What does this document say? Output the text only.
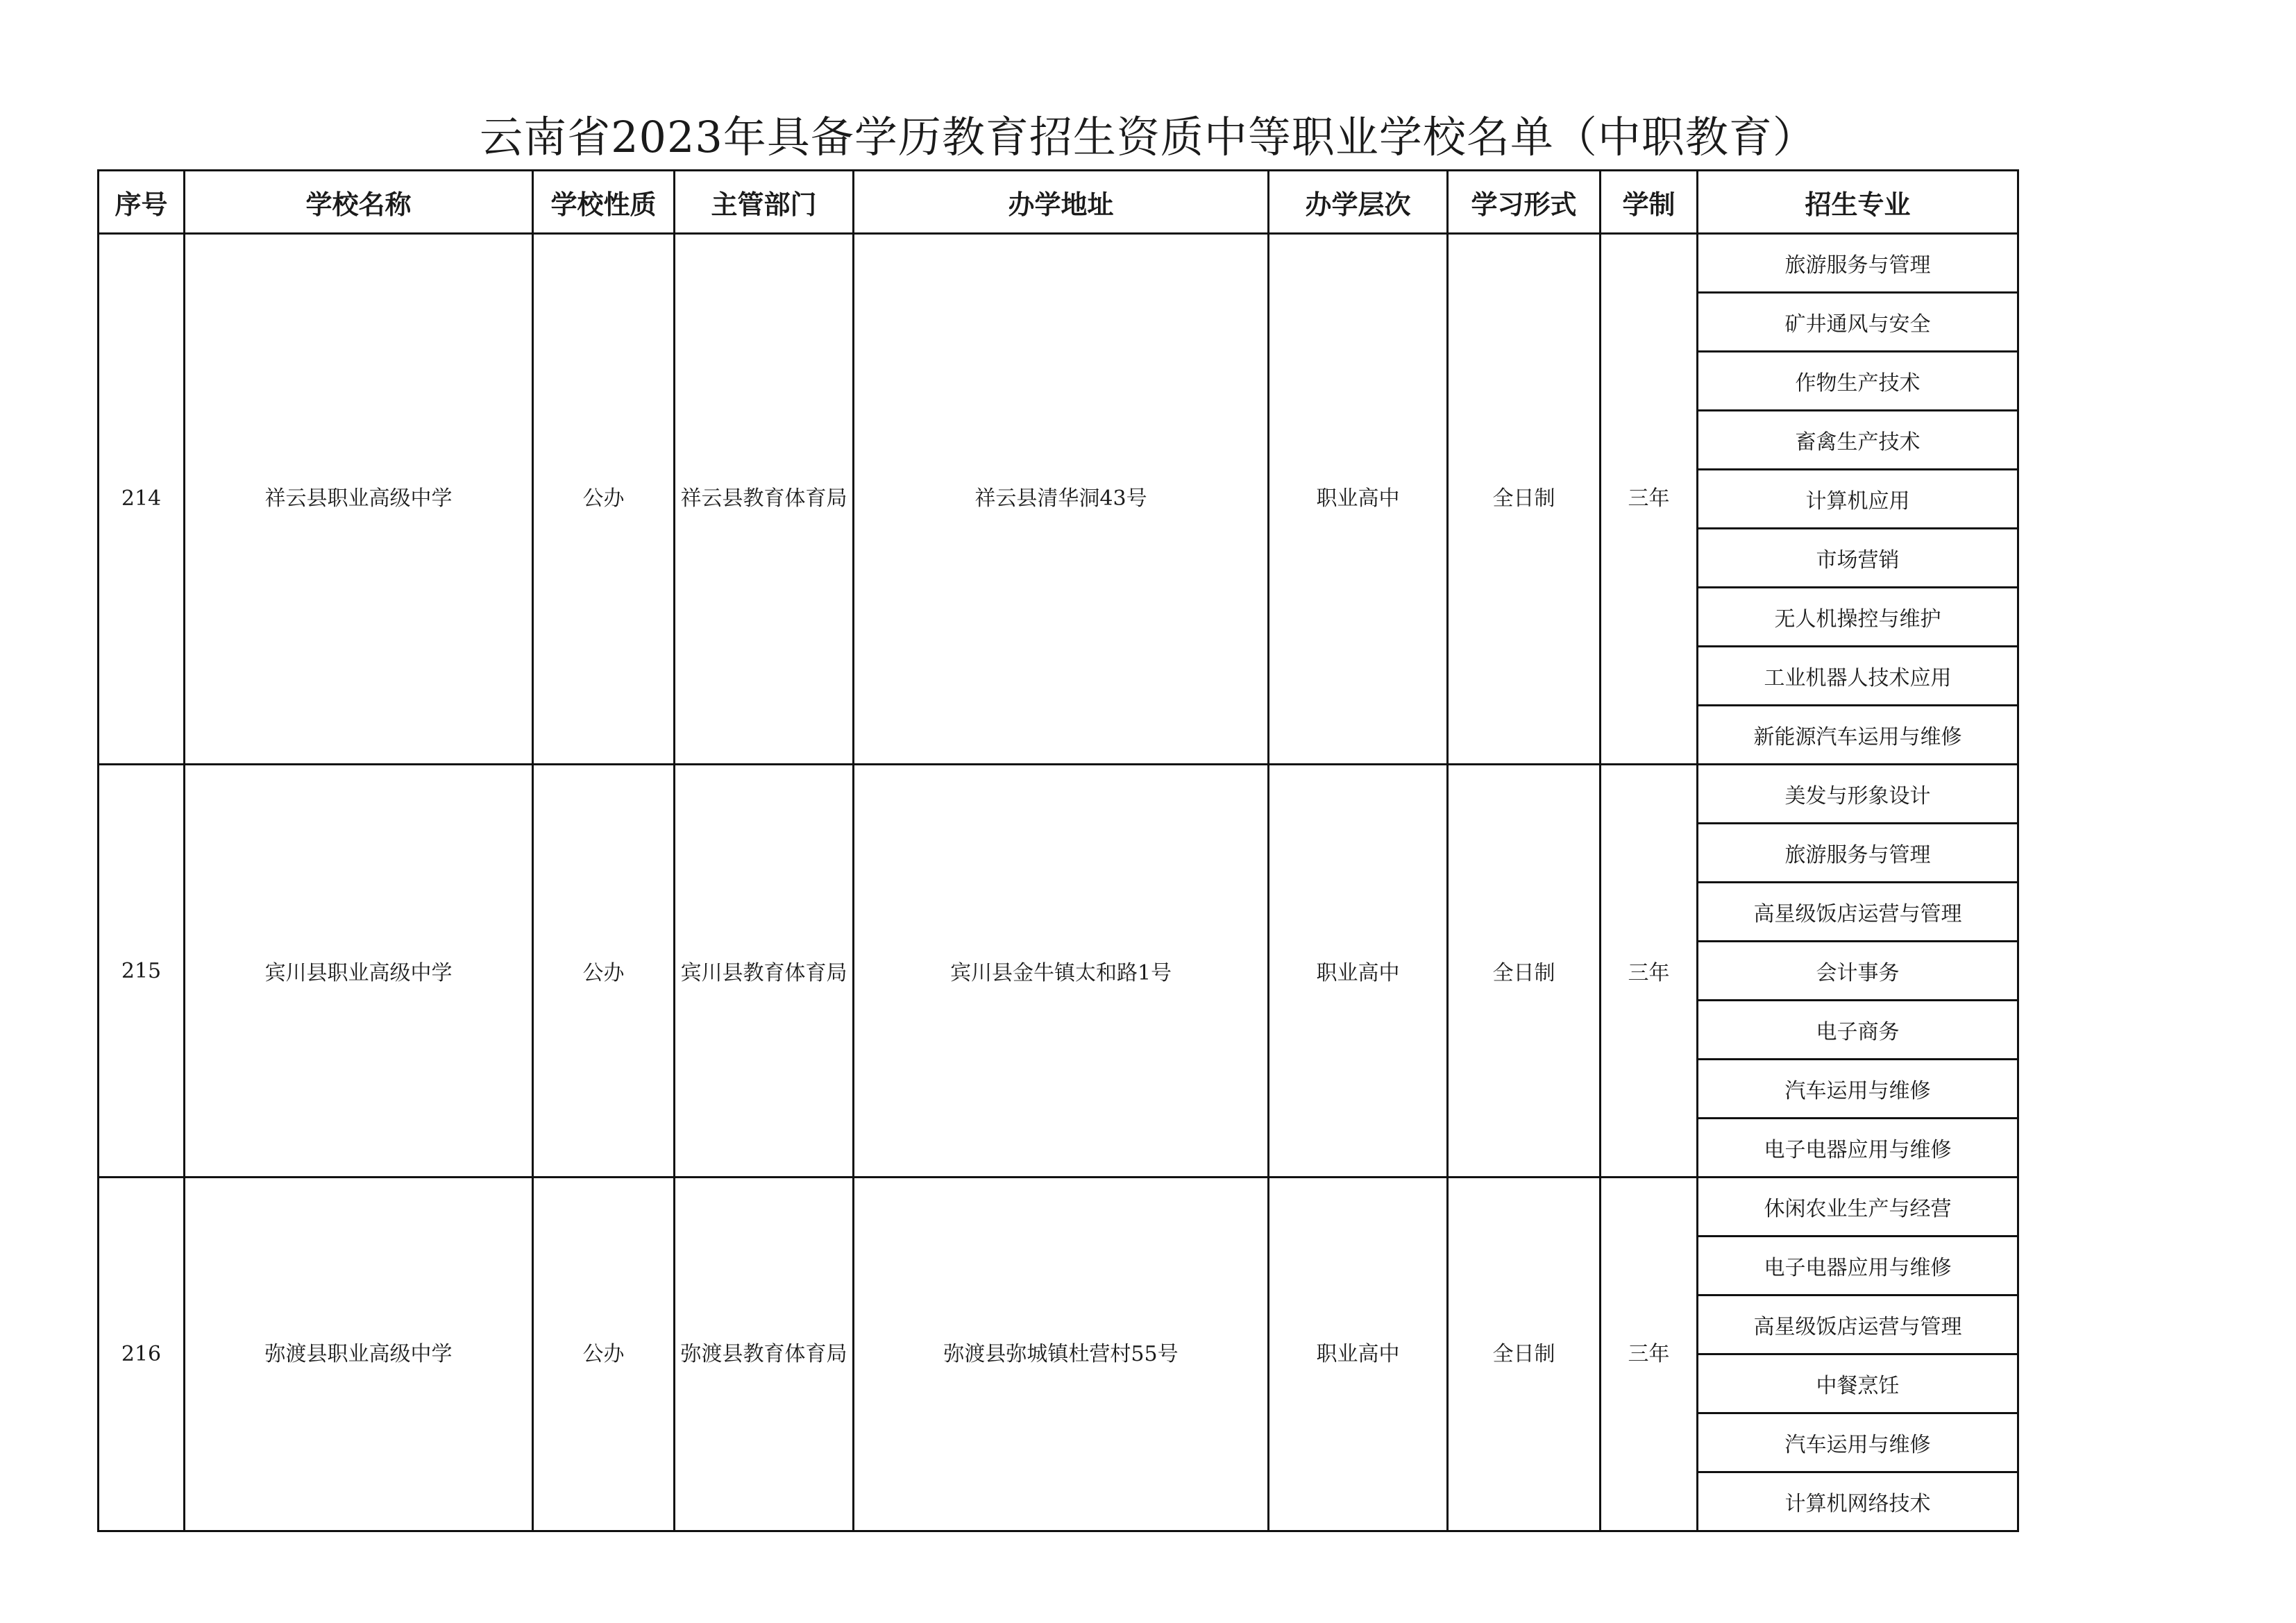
云南省2023年具备学历教育招生资质中等职业学校名单（中职教育）
序号	学校名称	学校性质	主管部门	办学地址	办学层次	学习形式	学制	招生专业

214	祥云县职业高级中学	公办	祥云县教育体育局	祥云县清华洞43号	职业高中	全日制	三年	旅游服务与管理
								矿井通风与安全
								作物生产技术
								畜禽生产技术
								计算机应用
								市场营销
								无人机操控与维护
								工业机器人技术应用
								新能源汽车运用与维修
215	宾川县职业高级中学	公办	宾川县教育体育局	宾川县金牛镇太和路1号	职业高中	全日制	三年	美发与形象设计
								旅游服务与管理
								高星级饭店运营与管理
								会计事务
								电子商务
								汽车运用与维修
								电子电器应用与维修

216	弥渡县职业高级中学	公办	弥渡县教育体育局	弥渡县弥城镇杜营村55号	职业高中	全日制	三年	休闲农业生产与经营
								电子电器应用与维修
								高星级饭店运营与管理
								中餐烹饪
								汽车运用与维修
								计算机网络技术
